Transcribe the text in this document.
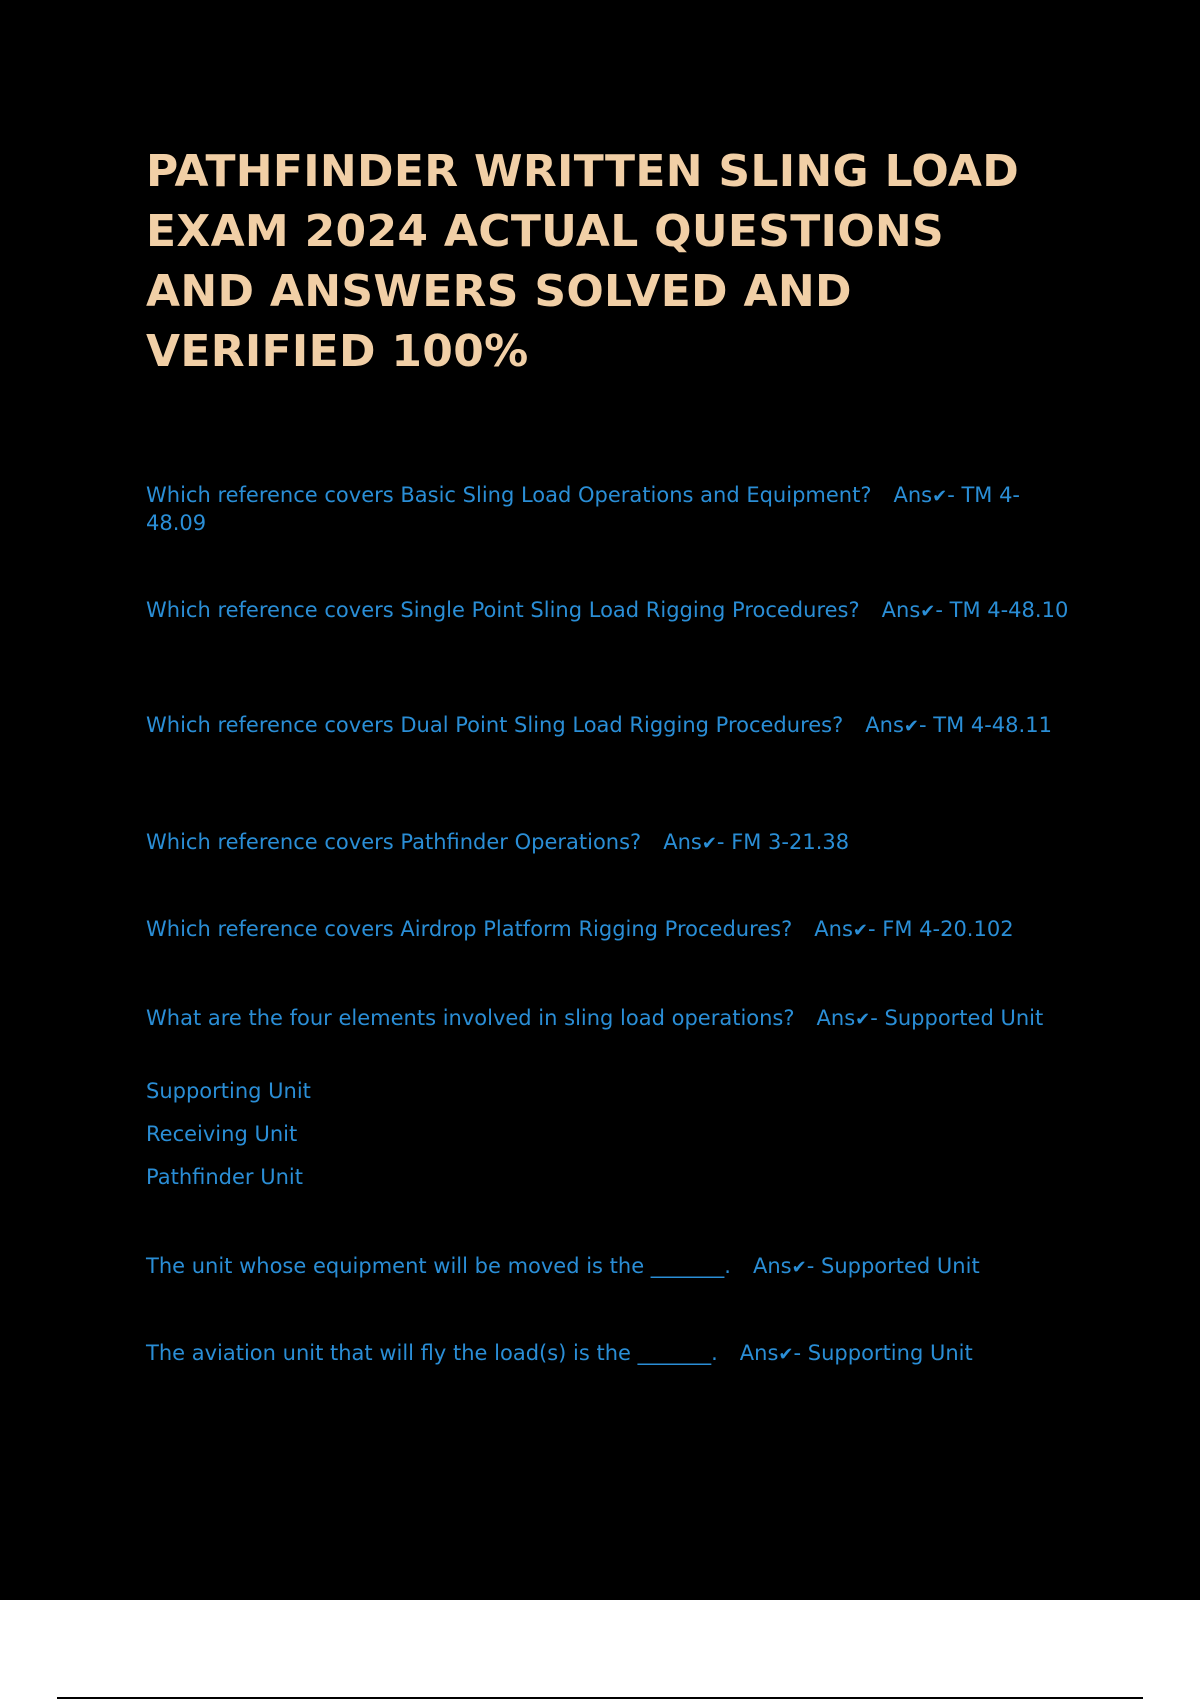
PATHFINDER WRITTEN SLING LOAD EXAM 2024 ACTUAL QUESTIONS AND ANSWERS SOLVED AND VERIFIED 100%

Which reference covers Basic Sling Load Operations and Equipment? Ans✔- TM 4-48.09

Which reference covers Single Point Sling Load Rigging Procedures? Ans✔- TM 4-48.10

Which reference covers Dual Point Sling Load Rigging Procedures? Ans✔- TM 4-48.11

Which reference covers Pathfinder Operations? Ans✔- FM 3-21.38

Which reference covers Airdrop Platform Rigging Procedures? Ans✔- FM 4-20.102

What are the four elements involved in sling load operations? Ans✔- Supported Unit

Supporting Unit

Receiving Unit

Pathfinder Unit

The unit whose equipment will be moved is the _______. Ans✔- Supported Unit

The aviation unit that will fly the load(s) is the _______. Ans✔- Supporting Unit
